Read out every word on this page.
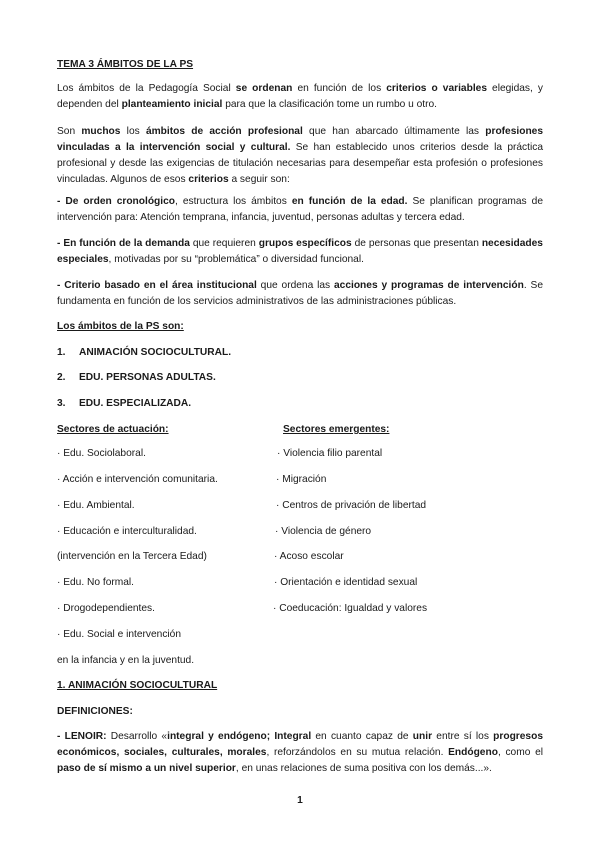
TEMA 3 ÁMBITOS DE LA PS

Los ámbitos de la Pedagogía Social se ordenan en función de los criterios o variables elegidas, y dependen del planteamiento inicial para que la clasificación tome un rumbo u otro.

Son muchos los ámbitos de acción profesional que han abarcado últimamente las profesiones vinculadas a la intervención social y cultural. Se han establecido unos criterios desde la práctica profesional y desde las exigencias de titulación necesarias para desempeñar esta profesión o profesiones vinculadas. Algunos de esos criterios a seguir son:

- De orden cronológico, estructura los ámbitos en función de la edad. Se planifican programas de intervención para: Atención temprana, infancia, juventud, personas adultas y tercera edad.

- En función de la demanda que requieren grupos específicos de personas que presentan necesidades especiales, motivadas por su “problemática” o diversidad funcional.

- Criterio basado en el área institucional que ordena las acciones y programas de intervención. Se fundamenta en función de los servicios administrativos de las administraciones públicas.

Los ámbitos de la PS son:

1. ANIMACIÓN SOCIOCULTURAL.

2. EDU. PERSONAS ADULTAS.

3. EDU. ESPECIALIZADA.

Sectores de actuación:	Sectores emergentes:
· Edu. Sociolaboral.
· Acción e intervención comunitaria.
· Edu. Ambiental.
· Educación e interculturalidad.
(intervención en la Tercera Edad)
· Edu. No formal.
· Drogodependientes.
· Edu. Social e intervención
en la infancia y en la juventud.
· Violencia filio parental
· Migración
· Centros de privación de libertad
· Violencia de género
· Acoso escolar
· Orientación e identidad sexual
· Coeducación: Igualdad y valores

1. ANIMACIÓN SOCIOCULTURAL

DEFINICIONES:

- LENOIR: Desarrollo «integral y endógeno; Integral en cuanto capaz de unir entre sí los progresos económicos, sociales, culturales, morales, reforzándolos en su mutua relación. Endógeno, como el paso de sí mismo a un nivel superior, en unas relaciones de suma positiva con los demás...».

1
